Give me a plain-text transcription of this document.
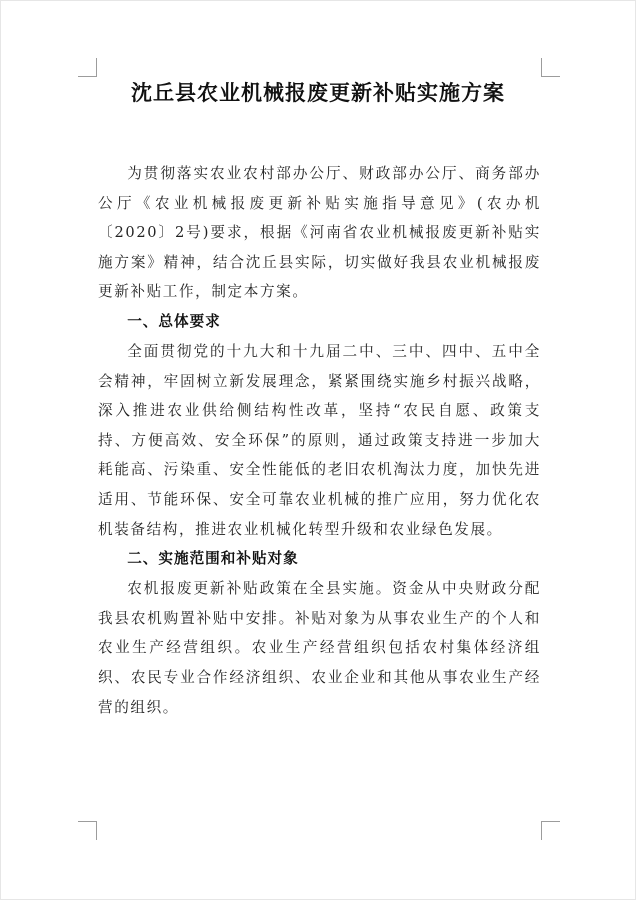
沈丘县农业机械报废更新补贴实施方案

为贯彻落实农业农村部办公厅、财政部办公厅、商务部办公厅《农业机械报废更新补贴实施指导意见》(农办机〔2020〕2号)要求，根据《河南省农业机械报废更新补贴实施方案》精神，结合沈丘县实际，切实做好我县农业机械报废更新补贴工作，制定本方案。

一、总体要求

全面贯彻党的十九大和十九届二中、三中、四中、五中全会精神，牢固树立新发展理念，紧紧围绕实施乡村振兴战略，深入推进农业供给侧结构性改革，坚持“农民自愿、政策支持、方便高效、安全环保”的原则，通过政策支持进一步加大耗能高、污染重、安全性能低的老旧农机淘汰力度，加快先进适用、节能环保、安全可靠农业机械的推广应用，努力优化农机装备结构，推进农业机械化转型升级和农业绿色发展。

二、实施范围和补贴对象

农机报废更新补贴政策在全县实施。资金从中央财政分配我县农机购置补贴中安排。补贴对象为从事农业生产的个人和农业生产经营组织。农业生产经营组织包括农村集体经济组织、农民专业合作经济组织、农业企业和其他从事农业生产经营的组织。
